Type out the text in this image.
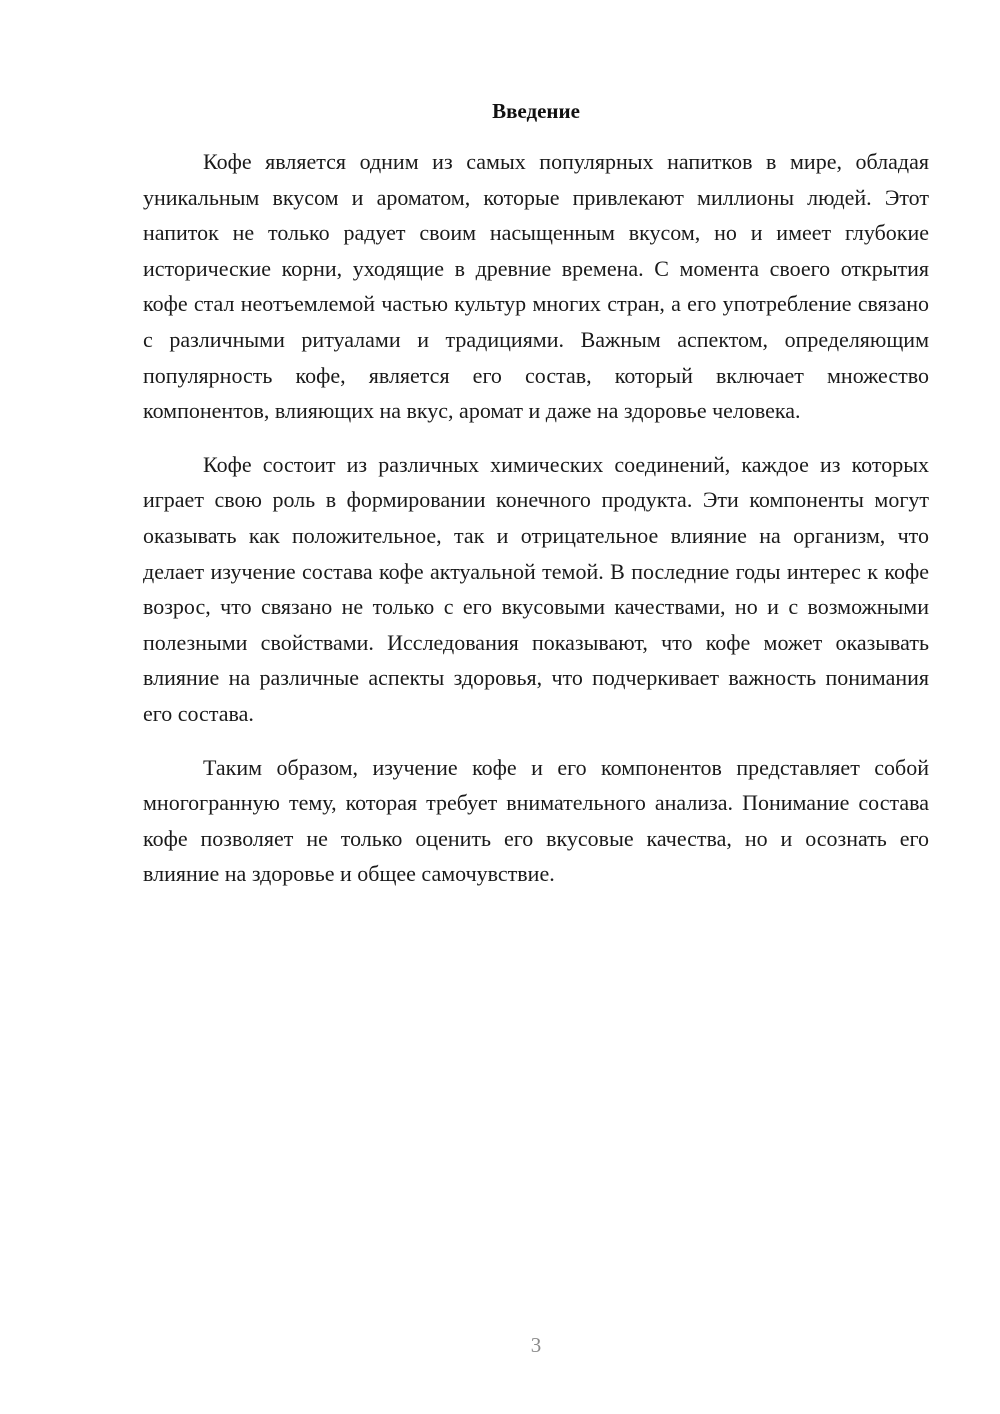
Введение

Кофе является одним из самых популярных напитков в мире, обладая уникальным вкусом и ароматом, которые привлекают миллионы людей. Этот напиток не только радует своим насыщенным вкусом, но и имеет глубокие исторические корни, уходящие в древние времена. С момента своего открытия кофе стал неотъемлемой частью культур многих стран, а его употребление связано с различными ритуалами и традициями. Важным аспектом, определяющим популярность кофе, является его состав, который включает множество компонентов, влияющих на вкус, аромат и даже на здоровье человека.

Кофе состоит из различных химических соединений, каждое из которых играет свою роль в формировании конечного продукта. Эти компоненты могут оказывать как положительное, так и отрицательное влияние на организм, что делает изучение состава кофе актуальной темой. В последние годы интерес к кофе возрос, что связано не только с его вкусовыми качествами, но и с возможными полезными свойствами. Исследования показывают, что кофе может оказывать влияние на различные аспекты здоровья, что подчеркивает важность понимания его состава.

Таким образом, изучение кофе и его компонентов представляет собой многогранную тему, которая требует внимательного анализа. Понимание состава кофе позволяет не только оценить его вкусовые качества, но и осознать его влияние на здоровье и общее самочувствие.

3
